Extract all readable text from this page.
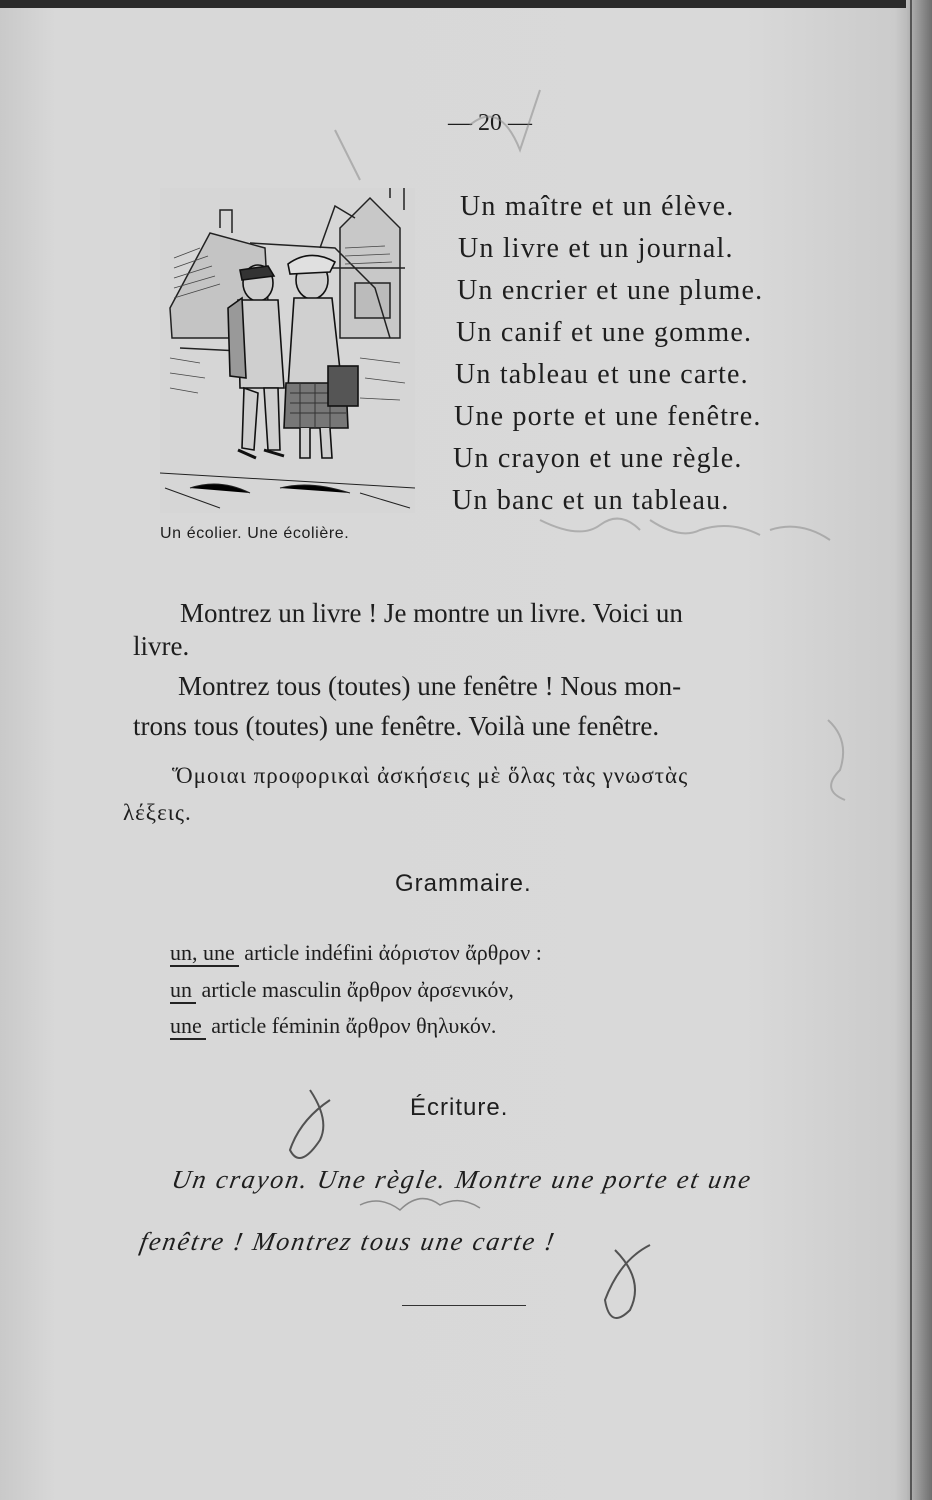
— 20 —
Un écolier. Une écolière.
Un maître et un élève.
Un livre et un journal.
Un encrier et une plume.
Un canif et une gomme.
Un tableau et une carte.
Une porte et une fenêtre.
Un crayon et une règle.
Un banc et un tableau.
Montrez un livre ! Je montre un livre. Voici un
livre.
Montrez tous (toutes) une fenêtre ! Nous mon-
trons tous (toutes) une fenêtre. Voilà une fenêtre.
Ὅμοιαι προφορικαὶ ἀσκήσεις μὲ ὅλας τὰς γνωστὰς
λέξεις.
Grammaire.
un, une article indéfini ἀόριστον ἄρθρον :
un article masculin ἄρθρον ἀρσενικόν,
une article féminin ἄρθρον θηλυκόν.
Écriture.
Un crayon. Une règle. Montre une porte et une
fenêtre ! Montrez tous une carte !
